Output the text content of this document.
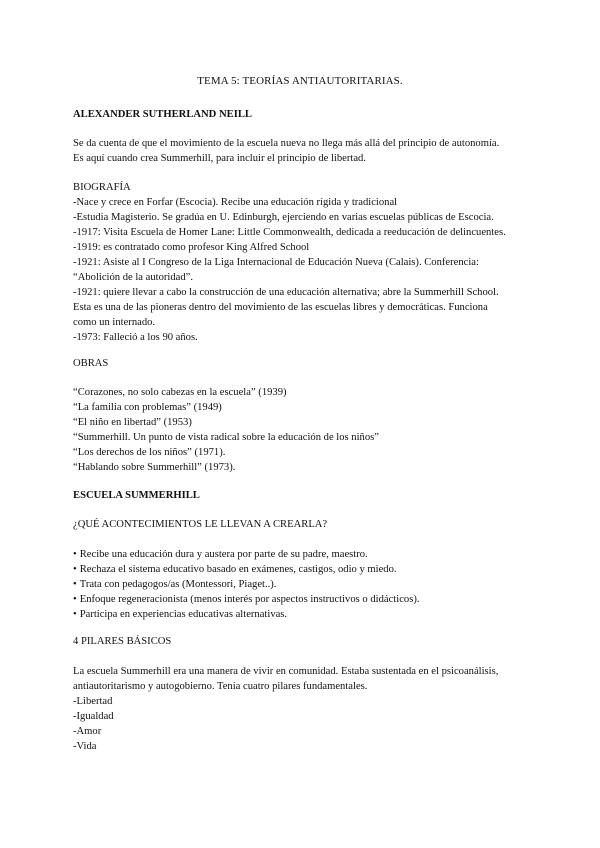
TEMA 5: TEORÍAS ANTIAUTORITARIAS.
ALEXANDER SUTHERLAND NEILL
Se da cuenta de que el movimiento de la escuela nueva no llega más allá del principio de autonomía.
Es aquí cuando crea Summerhill, para incluir el principio de libertad.
BIOGRAFÍA
-Nace y crece en Forfar (Escocia). Recibe una educación rígida y tradicional
-Estudia Magisterio. Se gradúa en U. Edinburgh, ejerciendo en varias escuelas públicas de Escocia.
-1917: Visita Escuela de Homer Lane: Little Commonwealth, dedicada a reeducación de delincuentes.
-1919: es contratado como profesor King Alfred School
-1921: Asiste al I Congreso de la Liga Internacional de Educación Nueva (Calais). Conferencia:
“Abolición de la autoridad”.
-1921: quiere llevar a cabo la construcción de una educación alternativa; abre la Summerhill School.
Esta es una de las pioneras dentro del movimiento de las escuelas libres y democráticas. Funciona
como un internado.
-1973: Falleció a los 90 años.
OBRAS
“Corazones, no solo cabezas en la escuela” (1939)
“La familia con problemas” (1949)
“El niño en libertad” (1953)
“Summerhill. Un punto de vista radical sobre la educación de los niños”
“Los derechos de los niños” (1971).
“Hablando sobre Summerhill” (1973).
ESCUELA SUMMERHILL
¿QUÉ ACONTECIMIENTOS LE LLEVAN A CREARLA?
• Recibe una educación dura y austera por parte de su padre, maestro.
• Rechaza el sistema educativo basado en exámenes, castigos, odio y miedo.
• Trata con pedagogos/as (Montessori, Piaget..).
• Enfoque regeneracionista (menos interés por aspectos instructivos o didácticos).
• Participa en experiencias educativas alternativas.
4 PILARES BÁSICOS
La escuela Summerhill era una manera de vivir en comunidad. Estaba sustentada en el psicoanálisis,
antiautoritarismo y autogobierno. Tenía cuatro pilares fundamentales.
-Libertad
-Igualdad
-Amor
-Vida
